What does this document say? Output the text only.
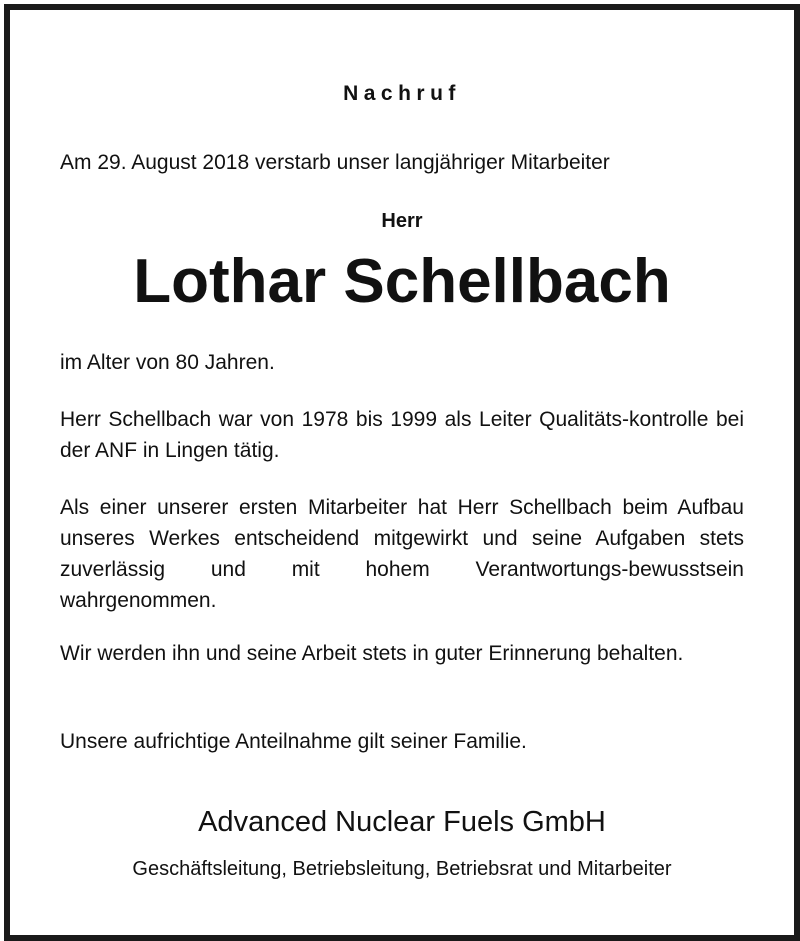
Nachruf
Am 29. August 2018 verstarb unser langjähriger Mitarbeiter
Herr
Lothar Schellbach
im Alter von 80 Jahren.
Herr Schellbach war von 1978 bis 1999 als Leiter Qualitäts-kontrolle bei der ANF in Lingen tätig.
Als einer unserer ersten Mitarbeiter hat Herr Schellbach beim Aufbau unseres Werkes entscheidend mitgewirkt und seine Aufgaben stets zuverlässig und mit hohem Verantwortungs-bewusstsein wahrgenommen.
Wir werden ihn und seine Arbeit stets in guter Erinnerung behalten.
Unsere aufrichtige Anteilnahme gilt seiner Familie.
Advanced Nuclear Fuels GmbH
Geschäftsleitung, Betriebsleitung, Betriebsrat und Mitarbeiter
